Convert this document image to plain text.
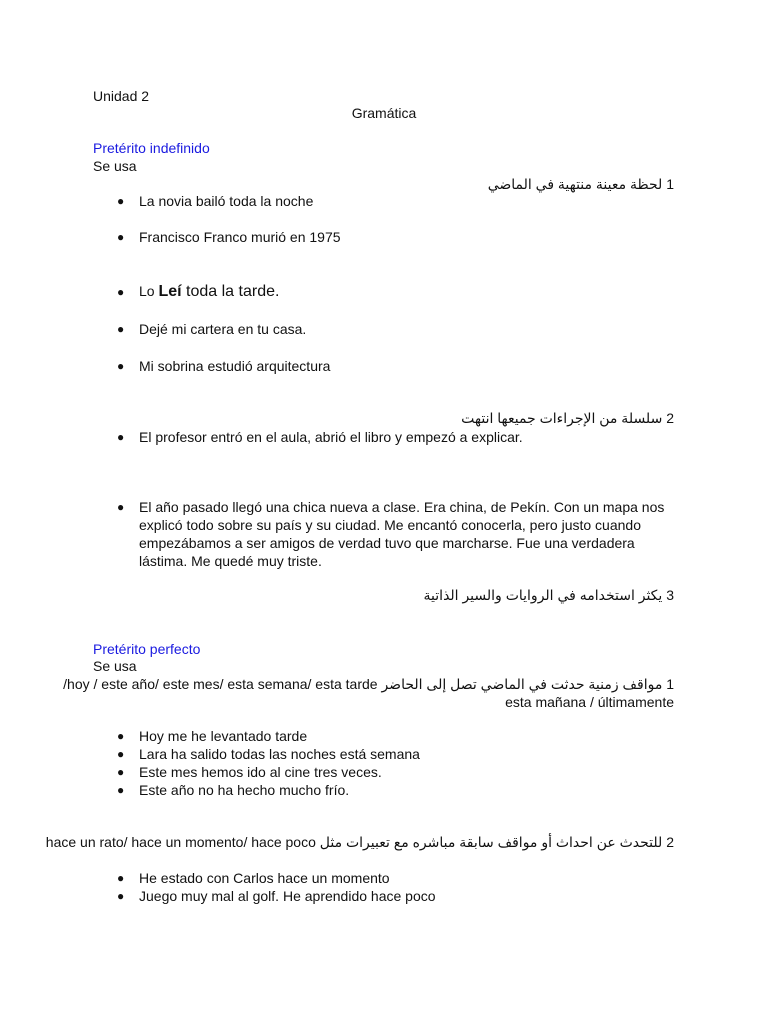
Unidad 2
Gramática
Pretérito indefinido
Se usa
1 لحظة معينة منتهية في الماضي
● La novia bailó toda la noche
● Francisco Franco murió en 1975
● Lo Leí toda la tarde.
● Dejé mi cartera en tu casa.
● Mi sobrina estudió arquitectura
2 سلسلة من الإجراءات جميعها انتهت
● El profesor entró en el aula, abrió el libro y empezó a explicar.
● El año pasado llegó una chica nueva a clase. Era china, de Pekín. Con un mapa nos explicó todo sobre su país y su ciudad. Me encantó conocerla, pero justo cuando empezábamos a ser amigos de verdad tuvo que marcharse. Fue una verdadera lástima. Me quedé muy triste.
3 يكثر استخدامه في الروايات والسير الذاتية
Pretérito perfecto
Se usa
1 مواقف زمنية حدثت في الماضي تصل إلى الحاضر hoy / este año/ este mes/ esta semana/ esta tarde/
esta mañana / últimamente
● Hoy me he levantado tarde
● Lara ha salido todas las noches está semana
● Este mes hemos ido al cine tres veces.
● Este año no ha hecho mucho frío.
2 للتحدث عن احداث أو مواقف سابقة مباشره مع تعبيرات مثل hace un rato/ hace un momento/ hace poco
● He estado con Carlos hace un momento
● Juego muy mal al golf. He aprendido hace poco
